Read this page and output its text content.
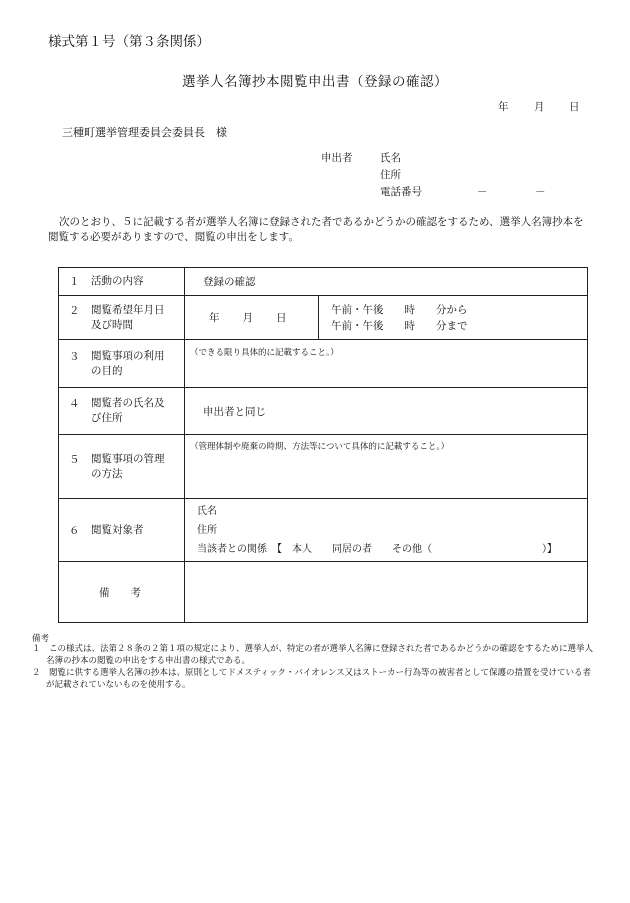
様式第１号（第３条関係）
選挙人名簿抄本閲覧申出書（登録の確認）
年 月 日
三種町選挙管理委員会委員長　様
申出者	氏名
住所
電話番号	－	－
次のとおり、５に記載する者が選挙人名簿に登録された者であるかどうかの確認をするため、選挙人名簿抄本を閲覧する必要がありますので、閲覧の申出をします。
１ 活動の内容	登録の確認	
２ 閲覧希望年月日
及び時間	年 月 日	午前・午後　　時　　分から
午前・午後　　時　　分まで
３ 閲覧事項の利用
の目的	（できる限り具体的に記載すること。）	
４ 閲覧者の氏名及
び住所	申出者と同じ	
５ 閲覧事項の管理
の方法	（管理体制や廃棄の時期、方法等について具体的に記載すること。）	
６ 閲覧対象者	氏名
住所
当該者との関係　【　本人　　同居の者　　その他（　　　　　　　　　　　）】	
備　　考		
備考

１　この様式は、法第２８条の２第１項の規定により、選挙人が、特定の者が選挙人名簿に登録された者であるかどうかの確認をするために選挙人名簿の抄本の閲覧の申出をする申出書の様式である。

２　閲覧に供する選挙人名簿の抄本は、原則としてドメスティック・バイオレンス又はストーカー行為等の被害者として保護の措置を受けている者が記載されていないものを使用する。
